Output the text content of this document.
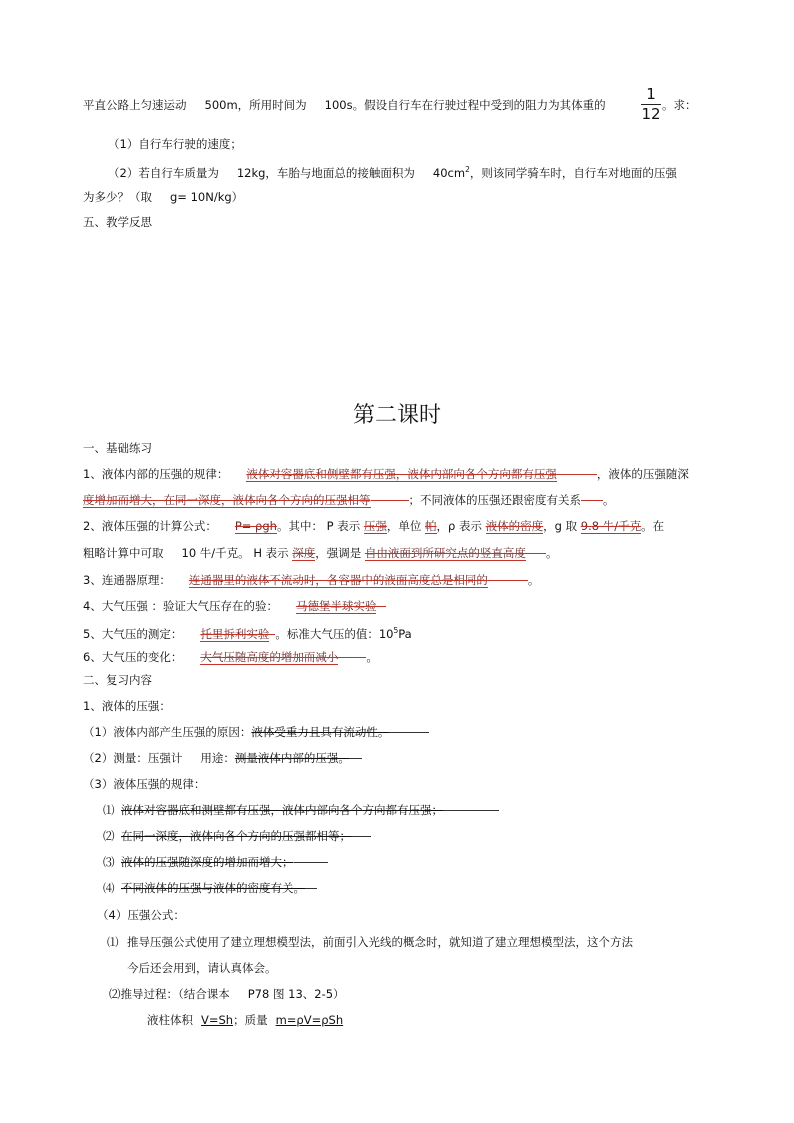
平直公路上匀速运动 500m，所用时间为 100s。假设自行车在行驶过程中受到的阻力为其体重的
1
12 。求：
（1）自行车行驶的速度；
（2）若自行车质量为 12kg，车胎与地面总的接触面积为 $40cm^2$，则该同学骑车时，自行车对地面的压强
为多少？（取 g= 10N/kg）
五、教学反思
第二课时
一、基础练习
1、液体内部的压强的规律： 液体对容器底和侧壁都有压强，液体内部向各个方向都有压强	，液体的压强随深
度增加而增大，在同一深度，液体向各个方向的压强相等	；不同液体的压强还跟密度有关系 。
2、液体压强的计算公式： P= ρgh。其中： P 表示 压强，单位 帕，ρ 表示 液体的密度，g 取 9.8 牛/千克。在
粗略计算中可取 10 牛/千克。 H 表示 深度，强调是 自由液面到所研究点的竖直高度 。
3、连通器原理： 连通器里的液体不流动时，各容器中的液面高度总是相同的	。
4、大气压强 ：验证大气压存在的验： 马德堡半球实验
5、大气压的测定： 托里拆利实验 。标准大气压的值：$10^5Pa$
6、大气压的变化： 大气压随高度的增加而减小 。
二、复习内容
1、液体的压强：
（1）液体内部产生压强的原因：液体受重力且具有流动性。
（2）测量：压强计 用途：测量液体内部的压强。
（3）液体压强的规律：
⑴ 液体对容器底和测壁都有压强，液体内部向各个方向都有压强；
⑵ 在同一深度，液体向各个方向的压强都相等；
⑶ 液体的压强随深度的增加而增大；
⑷ 不同液体的压强与液体的密度有关。
（4）压强公式：
⑴ 推导压强公式使用了建立理想模型法，前面引入光线的概念时，就知道了建立理想模型法，这个方法
今后还会用到，请认真体会。
⑵推导过程：（结合课本 P78 图 13、2-5）
液柱体积 V=Sh；质量 m=ρV=ρSh
